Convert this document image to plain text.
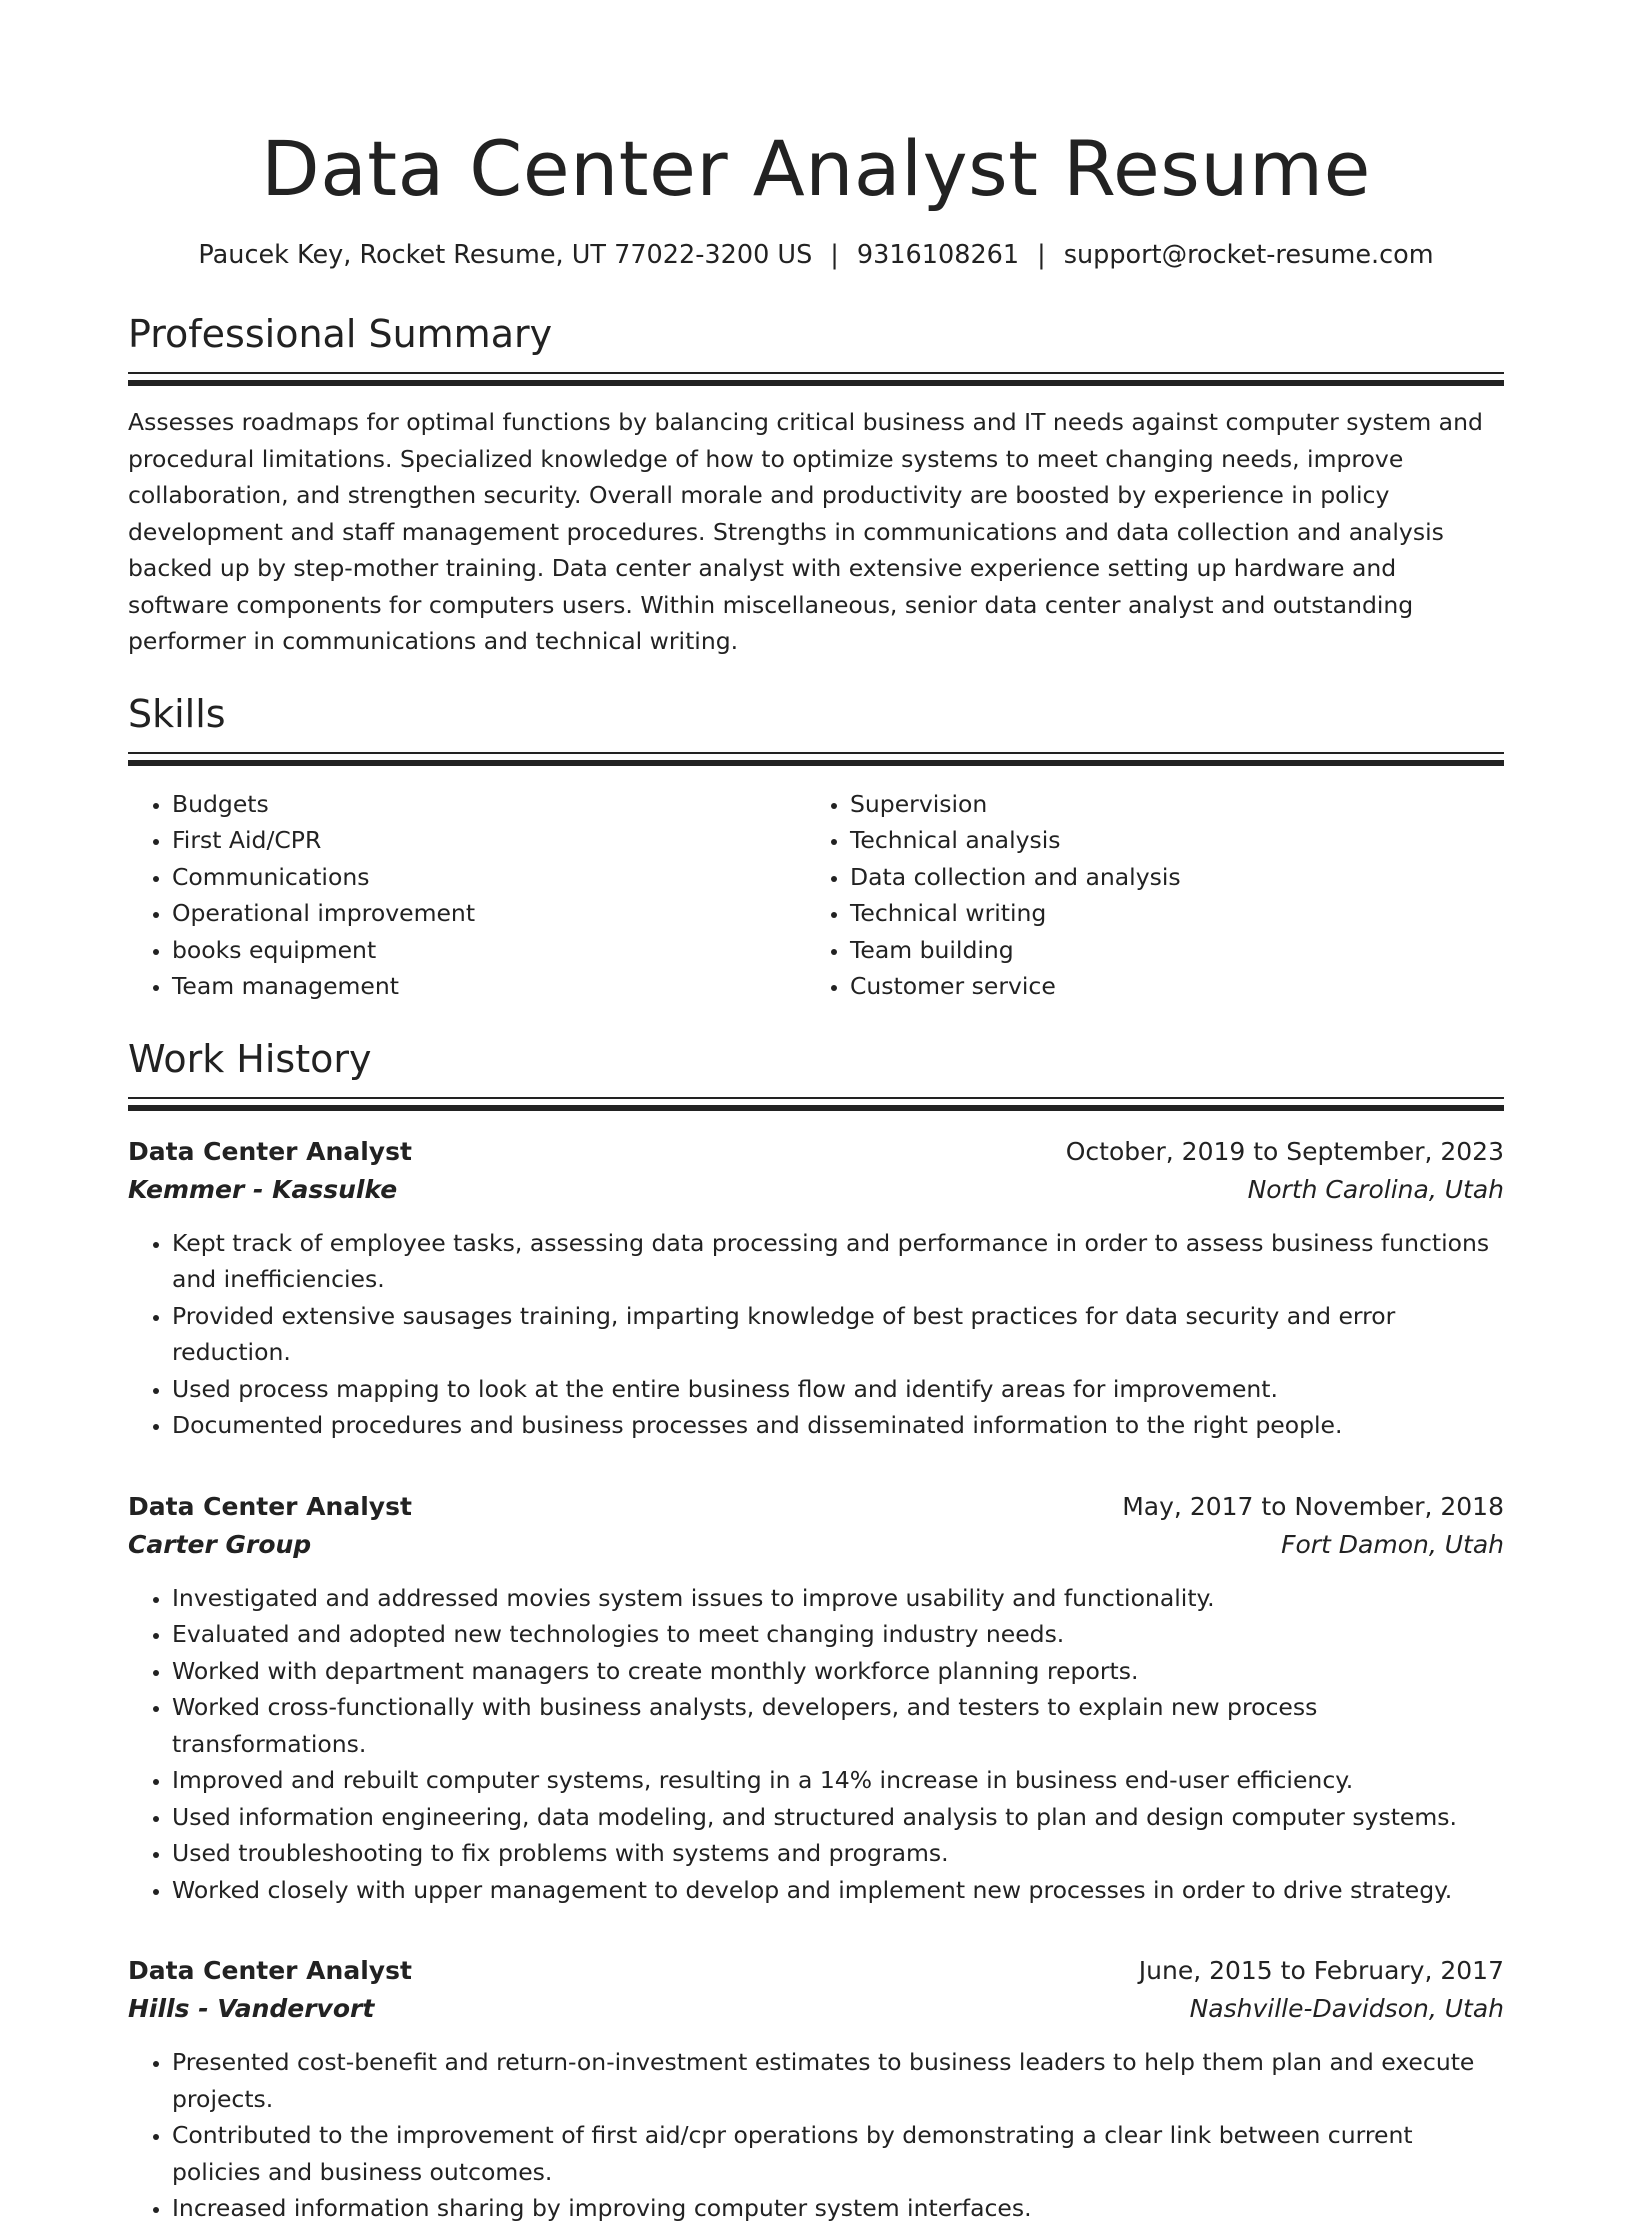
Data Center Analyst Resume
Paucek Key, Rocket Resume, UT 77022-3200 US | 9316108261 | support@rocket-resume.com
Professional Summary

Assesses roadmaps for optimal functions by balancing critical business and IT needs against computer system and procedural limitations. Specialized knowledge of how to optimize systems to meet changing needs, improve collaboration, and strengthen security. Overall morale and productivity are boosted by experience in policy development and staff management procedures. Strengths in communications and data collection and analysis backed up by step-mother training. Data center analyst with extensive experience setting up hardware and software components for computers users. Within miscellaneous, senior data center analyst and outstanding performer in communications and technical writing.

Skills
• Budgets
• First Aid/CPR
• Communications
• Operational improvement
• books equipment
• Team management
• Supervision
• Technical analysis
• Data collection and analysis
• Technical writing
• Team building
• Customer service
Work History
Data Center Analyst	October, 2019 to September, 2023
Kemmer - Kassulke	North Carolina, Utah
• Kept track of employee tasks, assessing data processing and performance in order to assess business functions and inefficiencies.
• Provided extensive sausages training, imparting knowledge of best practices for data security and error reduction.
• Used process mapping to look at the entire business flow and identify areas for improvement.
• Documented procedures and business processes and disseminated information to the right people.
Data Center Analyst	May, 2017 to November, 2018
Carter Group	Fort Damon, Utah
• Investigated and addressed movies system issues to improve usability and functionality.
• Evaluated and adopted new technologies to meet changing industry needs.
• Worked with department managers to create monthly workforce planning reports.
• Worked cross-functionally with business analysts, developers, and testers to explain new process transformations.
• Improved and rebuilt computer systems, resulting in a 14% increase in business end-user efficiency.
• Used information engineering, data modeling, and structured analysis to plan and design computer systems.
• Used troubleshooting to fix problems with systems and programs.
• Worked closely with upper management to develop and implement new processes in order to drive strategy.
Data Center Analyst	June, 2015 to February, 2017
Hills - Vandervort	Nashville-Davidson, Utah
• Presented cost-benefit and return-on-investment estimates to business leaders to help them plan and execute projects.
• Contributed to the improvement of first aid/cpr operations by demonstrating a clear link between current policies and business outcomes.
• Increased information sharing by improving computer system interfaces.
